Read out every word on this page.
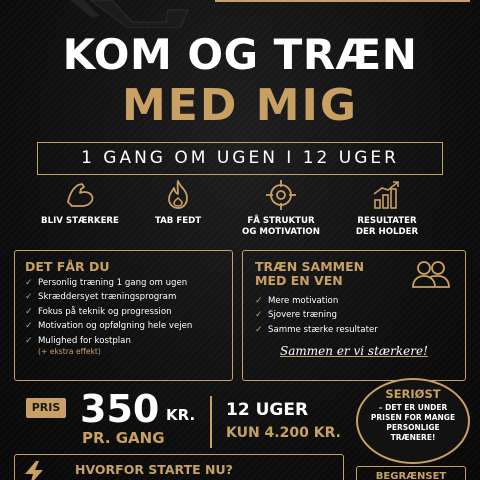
KOM OG TRÆN
MED MIG
1 GANG OM UGEN I 12 UGER
BLIV STÆRKERE	TAB FEDT	FÅ STRUKTUR
OG MOTIVATION
RESULTATER
DER HOLDER
DET FÅR DU
✓ Personlig træning 1 gang om ugen
✓ Skræddersyet træningsprogram
✓ Fokus på teknik og progression
✓ Motivation og opfølgning hele vejen
✓ Mulighed for kostplan
(+ ekstra effekt)
TRÆN SAMMEN
MED EN VEN
✓ Mere motivation
✓ Sjovere træning
✓ Samme stærke resultater
Sammen er vi stærkere!
PRIS 350 KR.
PR. GANG
12 UGER
KUN 4.200 KR.
SERIØST
– DET ER UNDER
PRISEN FOR MANGE
PERSONLIGE
TRÆNERE!
HVORFOR STARTE NU?	BEGRÆNSET
